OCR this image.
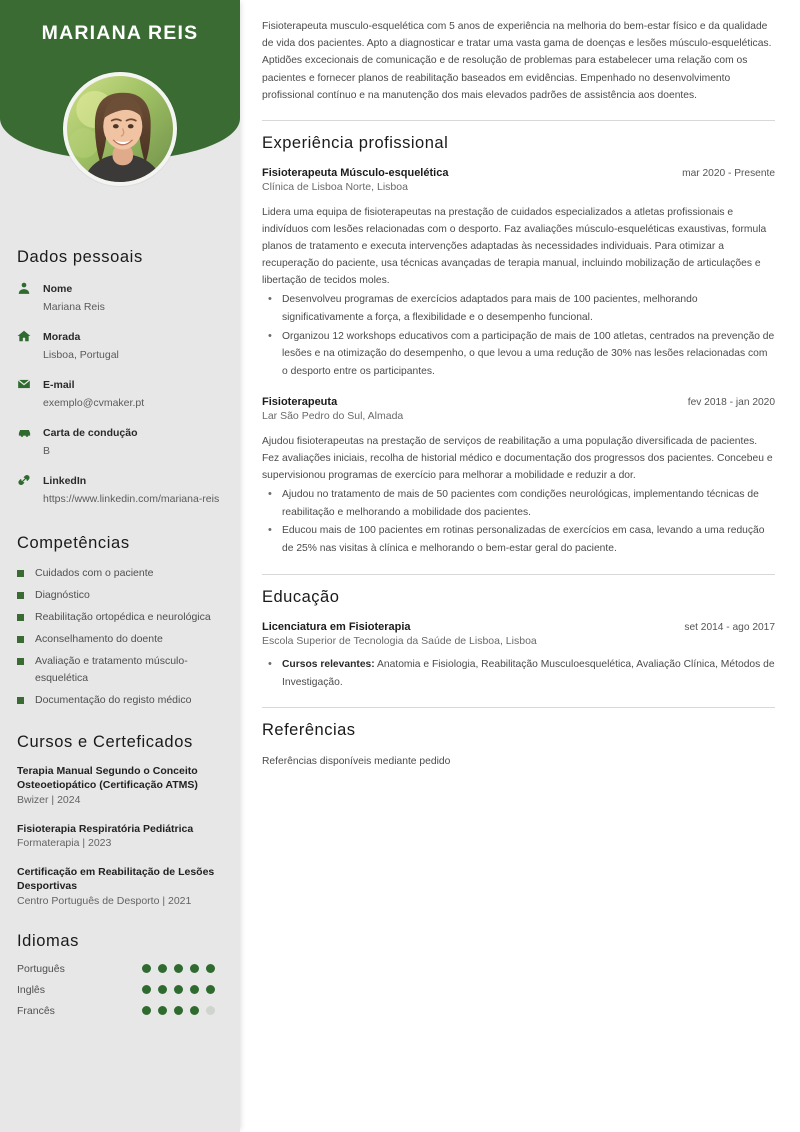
MARIANA REIS
Dados pessoais
Nome
Mariana Reis
Morada
Lisboa, Portugal
E-mail
exemplo@cvmaker.pt
Carta de condução
B
LinkedIn
https://www.linkedin.com/mariana-reis
Competências
Cuidados com o paciente
Diagnóstico
Reabilitação ortopédica e neurológica
Aconselhamento do doente
Avaliação e tratamento músculo-esquelética
Documentação do registo médico
Cursos e Certeficados
Terapia Manual Segundo o Conceito Osteoetiopático (Certificação ATMS)
Bwizer | 2024
Fisioterapia Respiratória Pediátrica
Formaterapia | 2023
Certificação em Reabilitação de Lesões Desportivas
Centro Português de Desporto | 2021
Idiomas
Português
Inglês
Francês

Fisioterapeuta musculo-esquelética com 5 anos de experiência na melhoria do bem-estar físico e da qualidade de vida dos pacientes. Apto a diagnosticar e tratar uma vasta gama de doenças e lesões músculo-esqueléticas. Aptidões excecionais de comunicação e de resolução de problemas para estabelecer uma relação com os pacientes e fornecer planos de reabilitação baseados em evidências. Empenhado no desenvolvimento profissional contínuo e na manutenção dos mais elevados padrões de assistência aos doentes.

Experiência profissional
Fisioterapeuta Músculo-esquelética	mar 2020 - Presente
Clínica de Lisboa Norte, Lisboa

Lidera uma equipa de fisioterapeutas na prestação de cuidados especializados a atletas profissionais e indivíduos com lesões relacionadas com o desporto. Faz avaliações músculo-esqueléticas exaustivas, formula planos de tratamento e executa intervenções adaptadas às necessidades individuais. Para otimizar a recuperação do paciente, usa técnicas avançadas de terapia manual, incluindo mobilização de articulações e libertação de tecidos moles.

• Desenvolveu programas de exercícios adaptados para mais de 100 pacientes, melhorando significativamente a força, a flexibilidade e o desempenho funcional.
• Organizou 12 workshops educativos com a participação de mais de 100 atletas, centrados na prevenção de lesões e na otimização do desempenho, o que levou a uma redução de 30% nas lesões relacionadas com o desporto entre os participantes.
Fisioterapeuta	fev 2018 - jan 2020
Lar São Pedro do Sul, Almada

Ajudou fisioterapeutas na prestação de serviços de reabilitação a uma população diversificada de pacientes. Fez avaliações iniciais, recolha de historial médico e documentação dos progressos dos pacientes. Concebeu e supervisionou programas de exercício para melhorar a mobilidade e reduzir a dor.

• Ajudou no tratamento de mais de 50 pacientes com condições neurológicas, implementando técnicas de reabilitação e melhorando a mobilidade dos pacientes.
• Educou mais de 100 pacientes em rotinas personalizadas de exercícios em casa, levando a uma redução de 25% nas visitas à clínica e melhorando o bem-estar geral do paciente.
Educação
Licenciatura em Fisioterapia	set 2014 - ago 2017
Escola Superior de Tecnologia da Saúde de Lisboa, Lisboa
• Cursos relevantes: Anatomia e Fisiologia, Reabilitação Musculoesquelética, Avaliação Clínica, Métodos de Investigação.
Referências

Referências disponíveis mediante pedido
